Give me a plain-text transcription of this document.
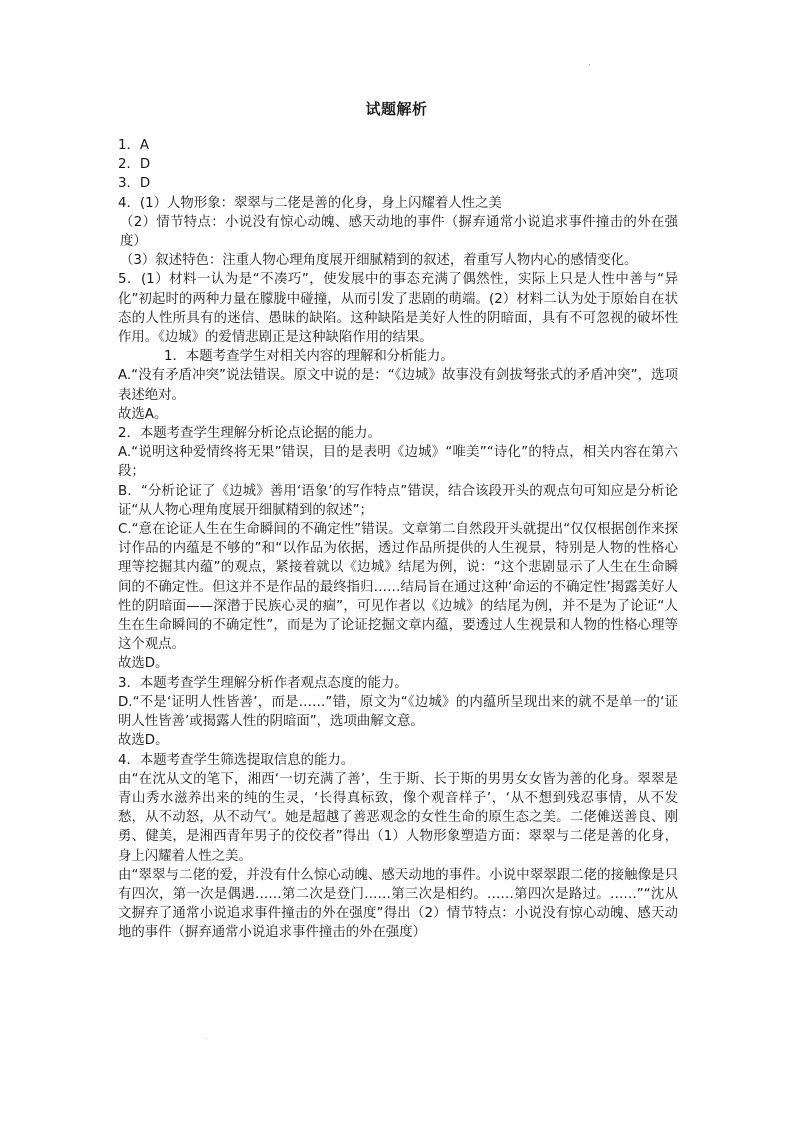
.
试题解析

1．A

2．D

3．D

4．(1）人物形象：翠翠与二佬是善的化身，身上闪耀着人性之美

（2）情节特点：小说没有惊心动魄、感天动地的事件（摒弃通常小说追求事件撞击的外在强度）

（3）叙述特色：注重人物心理角度展开细腻精到的叙述，着重写人物内心的感情变化。

5．(1）材料一认为是“不凑巧”，使发展中的事态充满了偶然性，实际上只是人性中善与“异化”初起时的两种力量在朦胧中碰撞，从而引发了悲剧的萌端。(2）材料二认为处于原始自在状态的人性所具有的迷信、愚昧的缺陷。这种缺陷是美好人性的阴暗面，具有不可忽视的破坏性作用。《边城》的爱情悲剧正是这种缺陷作用的结果。

1．本题考查学生对相关内容的理解和分析能力。

A.“没有矛盾冲突”说法错误。原文中说的是：“《边城》故事没有剑拔弩张式的矛盾冲突”，选项表述绝对。

故选A。

2．本题考查学生理解分析论点论据的能力。

A.“说明这种爱情终将无果”错误，目的是表明《边城》“唯美”“诗化”的特点，相关内容在第六段；

B．“分析论证了《边城》善用‘语象’的写作特点”错误，结合该段开头的观点句可知应是分析论证“从人物心理角度展开细腻精到的叙述”；

C.“意在论证人生在生命瞬间的不确定性”错误。文章第二自然段开头就提出“仅仅根据创作来探讨作品的内蕴是不够的”和“以作品为依据，透过作品所提供的人生视景，特别是人物的性格心理等挖掘其内蕴”的观点，紧接着就以《边城》结尾为例，说：“这个悲剧显示了人生在生命瞬间的不确定性。但这并不是作品的最终指归……结局旨在通过这种‘命运的不确定性’揭露美好人性的阴暗面——深潜于民族心灵的痼”，可见作者以《边城》的结尾为例，并不是为了论证“人生在生命瞬间的不确定性”，而是为了论证挖掘文章内蕴，要透过人生视景和人物的性格心理等这个观点。

故选D。

3．本题考查学生理解分析作者观点态度的能力。

D.“不是‘证明人性皆善’，而是……”错，原文为“《边城》的内蕴所呈现出来的就不是单一的‘证明人性皆善’或揭露人性的阴暗面”，选项曲解文意。

故选D。

4．本题考查学生筛选提取信息的能力。

由“在沈从文的笔下，湘西‘一切充满了善’，生于斯、长于斯的男男女女皆为善的化身。翠翠是青山秀水滋养出来的纯的生灵，‘长得真标致，像个观音样子’，‘从不想到残忍事情，从不发愁，从不动怒，从不动气’。她是超越了善恶观念的女性生命的原生态之美。二佬傩送善良、刚勇、健美，是湘西青年男子的佼佼者”得出（1）人物形象塑造方面：翠翠与二佬是善的化身，身上闪耀着人性之美。

由“翠翠与二佬的爱，并没有什么惊心动魄、感天动地的事件。小说中翠翠跟二佬的接触像是只有四次，第一次是偶遇……第二次是登门……第三次是相约。……第四次是路过。……”“沈从文摒弃了通常小说追求事件撞击的外在强度”得出（2）情节特点：小说没有惊心动魄、感天动地的事件（摒弃通常小说追求事件撞击的外在强度）

.
